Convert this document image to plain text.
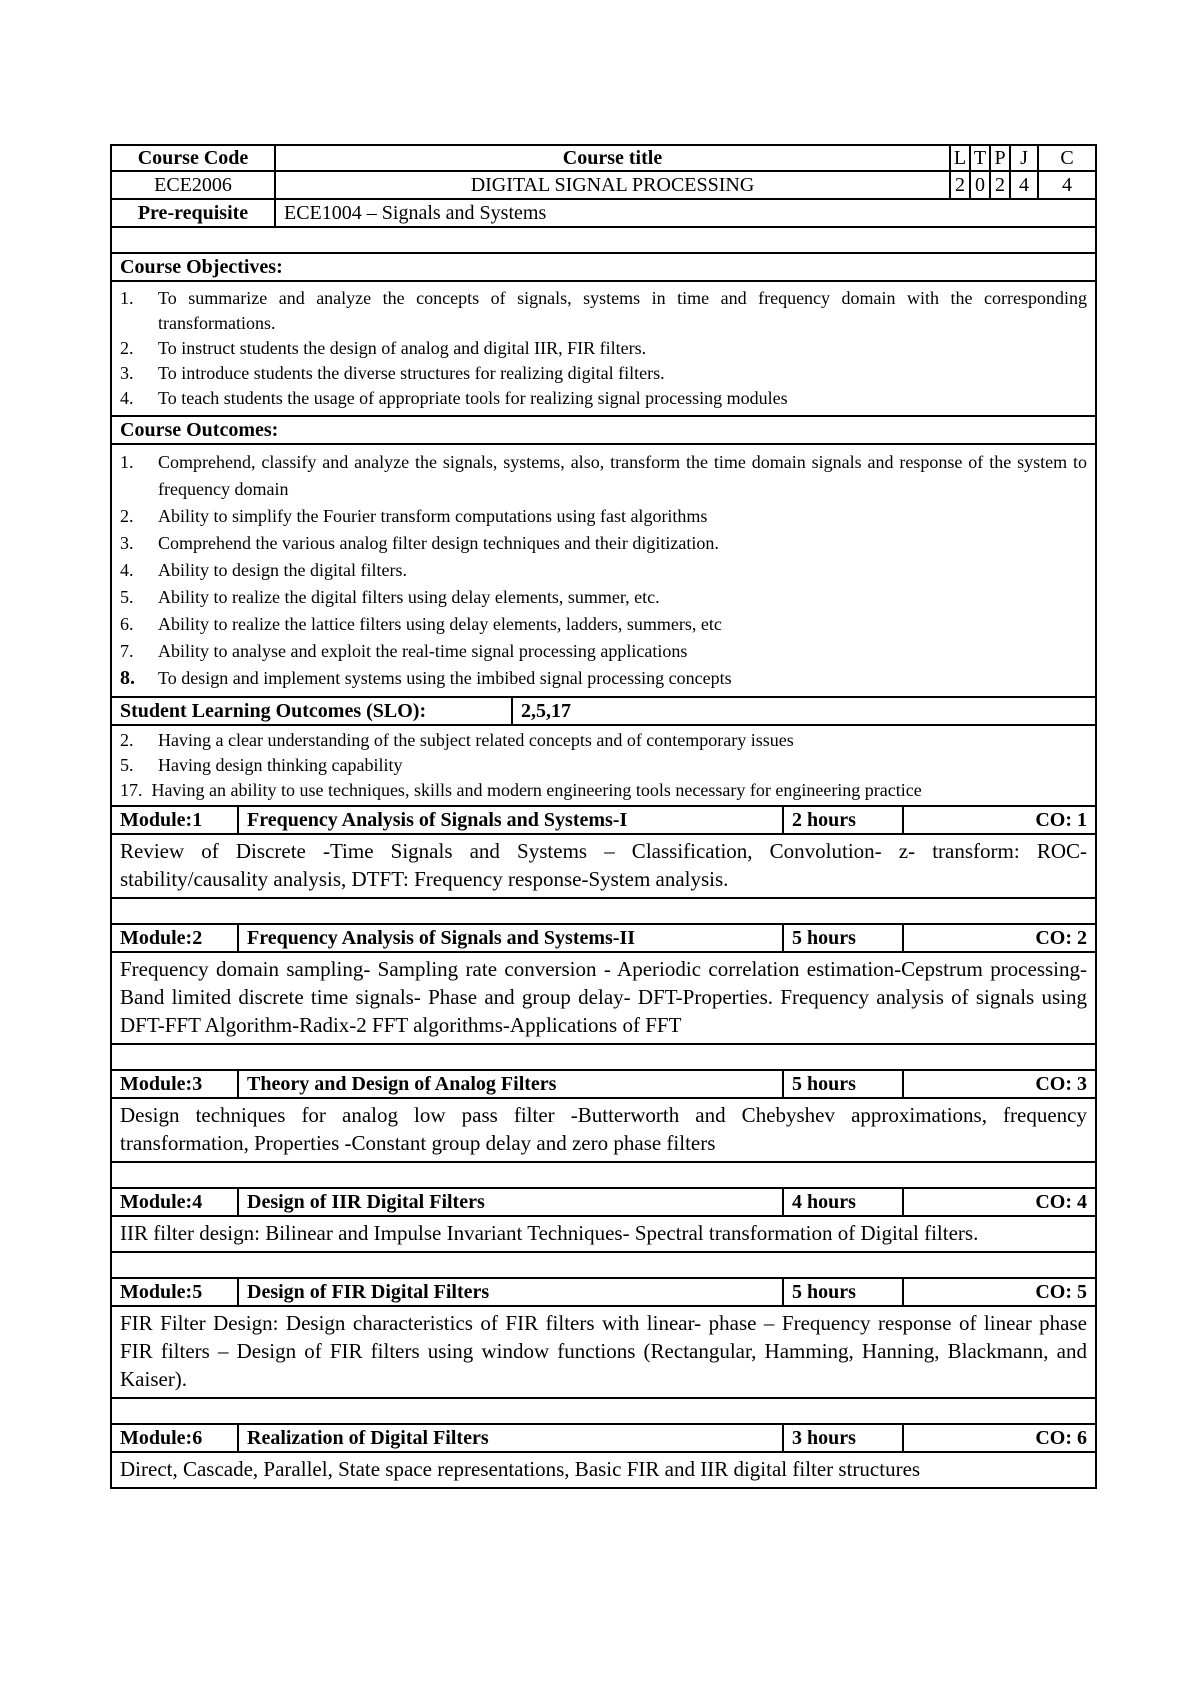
Course Code	Course title	L T P J	C
ECE2006	DIGITAL SIGNAL PROCESSING	2 0 2 4	4
Pre-requisite	ECE1004 – Signals and Systems
Course Objectives:
1.	To summarize and analyze the concepts of signals, systems in time and frequency domain with the corresponding transformations.
2.	To instruct students the design of analog and digital IIR, FIR filters.
3.	To introduce students the diverse structures for realizing digital filters.
4.	To teach students the usage of appropriate tools for realizing signal processing modules
Course Outcomes:
1.	Comprehend, classify and analyze the signals, systems, also, transform the time domain signals and response of the system to frequency domain
2.	Ability to simplify the Fourier transform computations using fast algorithms
3.	Comprehend the various analog filter design techniques and their digitization.
4.	Ability to design the digital filters.
5.	Ability to realize the digital filters using delay elements, summer, etc.
6.	Ability to realize the lattice filters using delay elements, ladders, summers, etc
7.	Ability to analyse and exploit the real-time signal processing applications
8.	To design and implement systems using the imbibed signal processing concepts
Student Learning Outcomes (SLO):	2,5,17
2.	Having a clear understanding of the subject related concepts and of contemporary issues
5.	Having design thinking capability
17. Having an ability to use techniques, skills and modern engineering tools necessary for engineering practice
Module:1	Frequency Analysis of Signals and Systems-I	2 hours	CO: 1
Review of Discrete -Time Signals and Systems – Classification, Convolution- z- transform: ROC-stability/causality analysis, DTFT: Frequency response-System analysis.
Module:2	Frequency Analysis of Signals and Systems-II	5 hours	CO: 2
Frequency domain sampling- Sampling rate conversion - Aperiodic correlation estimation-Cepstrum processing- Band limited discrete time signals- Phase and group delay- DFT-Properties. Frequency analysis of signals using DFT-FFT Algorithm-Radix-2 FFT algorithms-Applications of FFT
Module:3	Theory and Design of Analog Filters	5 hours	CO: 3
Design techniques for analog low pass filter -Butterworth and Chebyshev approximations, frequency transformation, Properties -Constant group delay and zero phase filters
Module:4	Design of IIR Digital Filters	4 hours	CO: 4
IIR filter design: Bilinear and Impulse Invariant Techniques- Spectral transformation of Digital filters.
Module:5	Design of FIR Digital Filters	5 hours	CO: 5
FIR Filter Design: Design characteristics of FIR filters with linear- phase – Frequency response of linear phase FIR filters – Design of FIR filters using window functions (Rectangular, Hamming, Hanning, Blackmann, and Kaiser).
Module:6	Realization of Digital Filters	3 hours	CO: 6
Direct, Cascade, Parallel, State space representations, Basic FIR and IIR digital filter structures
